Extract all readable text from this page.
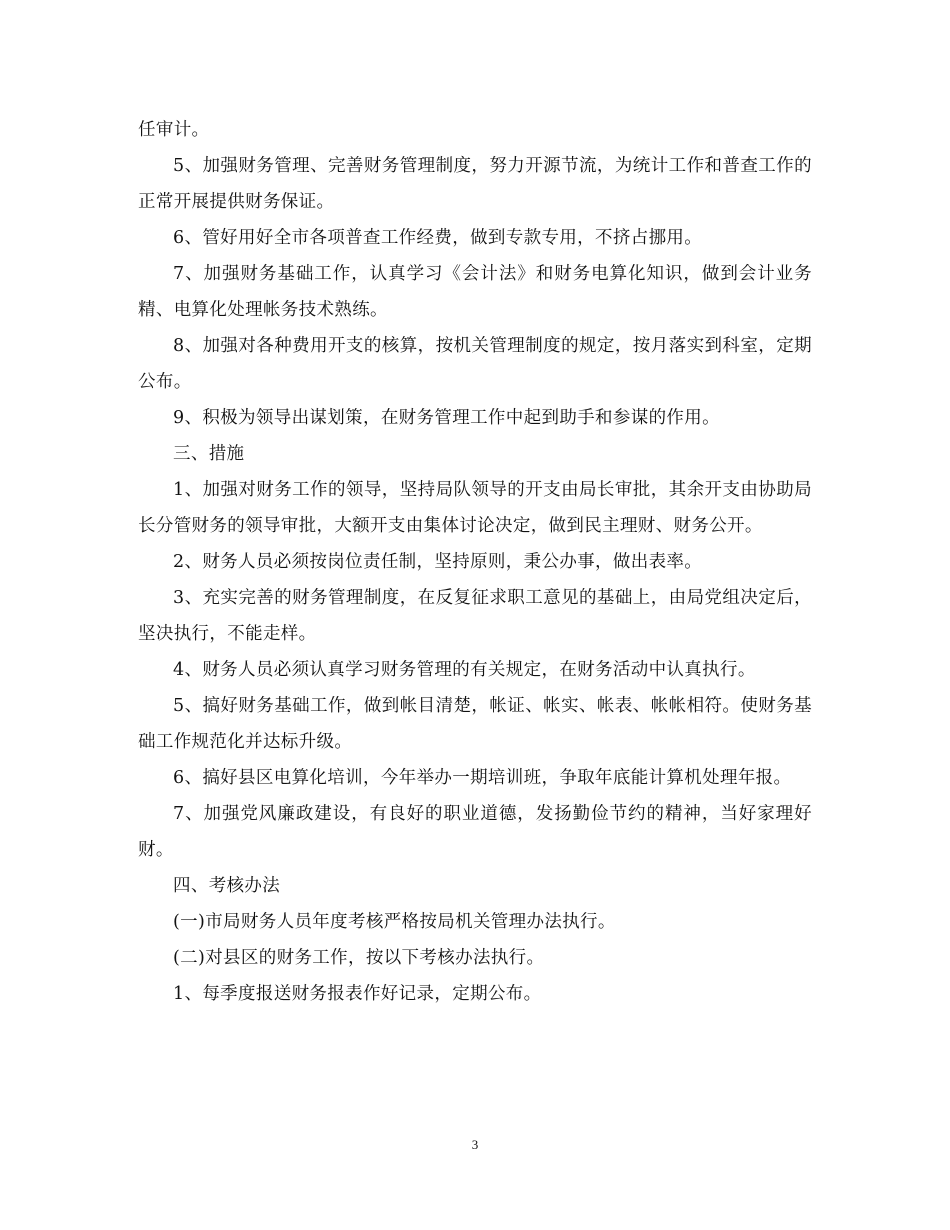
任审计。

5、加强财务管理、完善财务管理制度，努力开源节流，为统计工作和普查工作的正常开展提供财务保证。

6、管好用好全市各项普查工作经费，做到专款专用，不挤占挪用。

7、加强财务基础工作，认真学习《会计法》和财务电算化知识，做到会计业务精、电算化处理帐务技术熟练。

8、加强对各种费用开支的核算，按机关管理制度的规定，按月落实到科室，定期公布。

9、积极为领导出谋划策，在财务管理工作中起到助手和参谋的作用。

三、措施

1、加强对财务工作的领导，坚持局队领导的开支由局长审批，其余开支由协助局长分管财务的领导审批，大额开支由集体讨论决定，做到民主理财、财务公开。

2、财务人员必须按岗位责任制，坚持原则，秉公办事，做出表率。

3、充实完善的财务管理制度，在反复征求职工意见的基础上，由局党组决定后，坚决执行，不能走样。

4、财务人员必须认真学习财务管理的有关规定，在财务活动中认真执行。

5、搞好财务基础工作，做到帐目清楚，帐证、帐实、帐表、帐帐相符。使财务基础工作规范化并达标升级。

6、搞好县区电算化培训，今年举办一期培训班，争取年底能计算机处理年报。

7、加强党风廉政建设，有良好的职业道德，发扬勤俭节约的精神，当好家理好财。

四、考核办法

(一)市局财务人员年度考核严格按局机关管理办法执行。

(二)对县区的财务工作，按以下考核办法执行。

1、每季度报送财务报表作好记录，定期公布。

3
